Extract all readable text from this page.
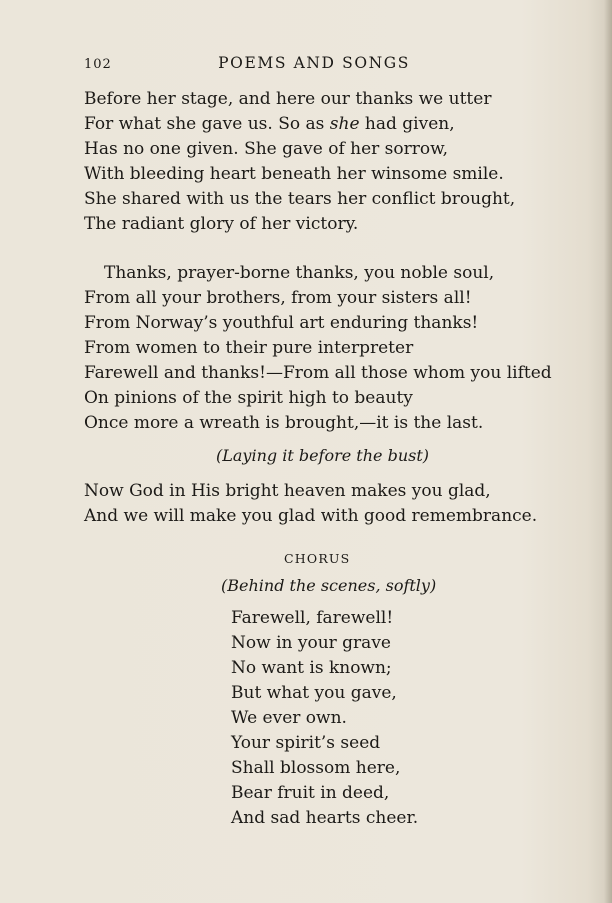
102	POEMS AND SONGS
Before her stage, and here our thanks we utter
For what she gave us. So as she had given,
Has no one given. She gave of her sorrow,
With bleeding heart beneath her winsome smile.
She shared with us the tears her conflict brought,
The radiant glory of her victory.
Thanks, prayer-borne thanks, you noble soul,
From all your brothers, from your sisters all!
From Norway’s youthful art enduring thanks!
From women to their pure interpreter
Farewell and thanks!—From all those whom you lifted
On pinions of the spirit high to beauty
Once more a wreath is brought,—it is the last.
(Laying it before the bust)
Now God in His bright heaven makes you glad,
And we will make you glad with good remembrance.
CHORUS
(Behind the scenes, softly)
Farewell, farewell!
Now in your grave
No want is known;
But what you gave,
We ever own.
Your spirit’s seed
Shall blossom here,
Bear fruit in deed,
And sad hearts cheer.
